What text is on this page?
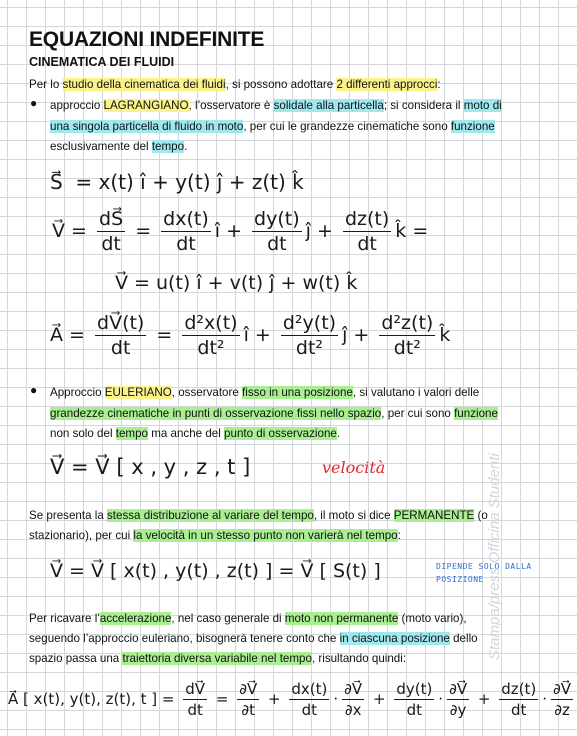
EQUAZIONI INDEFINITE
CINEMATICA DEI FLUIDI
Per lo studio della cinematica dei fluidi, si possono adottare 2 differenti approcci:
● approccio LAGRANGIANO, l’osservatore è solidale alla particella; si considera il moto di
una singola particella di fluido in moto, per cui le grandezze cinematiche sono funzione
esclusivamente del tempo.
S⃗ = x(t) î + y(t) ĵ + z(t) k̂
V⃗ = $\frac{dS⃗}{dt} = \frac{dx(t)}{dt}$ î + $\frac{dy(t)}{dt}$ ĵ + $\frac{dz(t)}{dt}$ k̂ =
V⃗ = u(t) î + v(t) ĵ + w(t) k̂
A⃗ = $\frac{dV⃗(t)}{dt} = \frac{\text{d²x(t)}}{\text{dt²}}$ î + $\frac{\text{d²y(t)}}{\text{dt²}}$ ĵ + $\frac{\text{d²z(t)}}{\text{dt²}}$ k̂
● Approccio EULERIANO, osservatore fisso in una posizione, si valutano i valori delle
grandezze cinematiche in punti di osservazione fissi nello spazio, per cui sono funzione
non solo del tempo ma anche del punto di osservazione.
V⃗ = V⃗ [ x , y , z , t ]	velocità
Se presenta la stessa distribuzione al variare del tempo, il moto si dice PERMANENTE (o
stazionario), per cui la velocità in un stesso punto non varierà nel tempo:
V⃗ = V⃗ [ x(t) , y(t) , z(t) ] = V⃗ [ S(t) ]	DIPENDE SOLO DALLA
POSIZIONE
Per ricavare l’accelerazione, nel caso generale di moto non permanente (moto vario),
seguendo l’approccio euleriano, bisognerà tenere conto che in ciascuna posizione dello
spazio passa una traiettoria diversa variabile nel tempo, risultando quindi:
A⃗ [ x(t), y(t), z(t), t ] = $\frac{dV⃗}{dt} = \frac{\partial V⃗}{\partial t} + \frac{dx(t)}{dt} \cdot \frac{\partial V⃗}{\partial x} + \frac{dy(t)}{dt} \cdot \frac{\partial V⃗}{\partial y} + \frac{dz(t)}{dt} \cdot \frac{\partial V⃗}{\partial z}$
Stampa/press Officina Studenti
